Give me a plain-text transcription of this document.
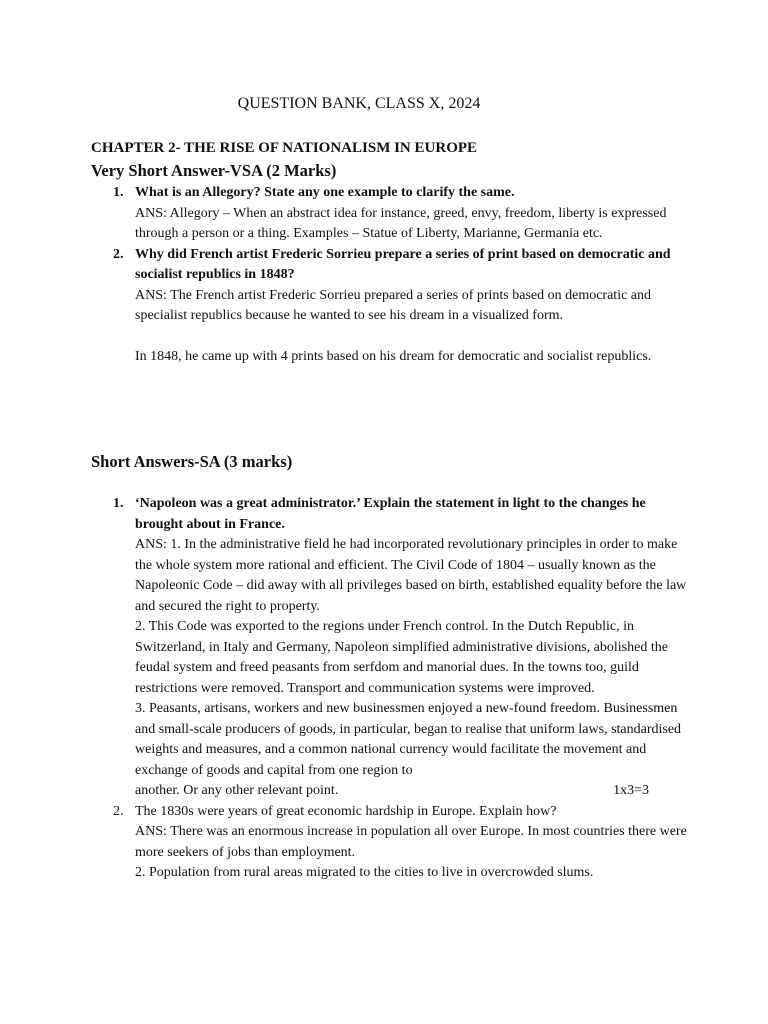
QUESTION BANK, CLASS X, 2024
CHAPTER 2- THE RISE OF NATIONALISM IN EUROPE
Very Short Answer-VSA (2 Marks)
1. What is an Allegory? State any one example to clarify the same.
ANS: Allegory – When an abstract idea for instance, greed, envy, freedom, liberty is expressed through a person or a thing. Examples – Statue of Liberty, Marianne, Germania etc.
2. Why did French artist Frederic Sorrieu prepare a series of print based on democratic and socialist republics in 1848?
ANS: The French artist Frederic Sorrieu prepared a series of prints based on democratic and specialist republics because he wanted to see his dream in a visualized form.
In 1848, he came up with 4 prints based on his dream for democratic and socialist republics.
Short Answers-SA (3 marks)
1. ‘Napoleon was a great administrator.’ Explain the statement in light to the changes he brought about in France.
ANS: 1. In the administrative field he had incorporated revolutionary principles in order to make the whole system more rational and efficient. The Civil Code of 1804 – usually known as the Napoleonic Code – did away with all privileges based on birth, established equality before the law and secured the right to property.
2. This Code was exported to the regions under French control. In the Dutch Republic, in Switzerland, in Italy and Germany, Napoleon simplified administrative divisions, abolished the feudal system and freed peasants from serfdom and manorial dues. In the towns too, guild restrictions were removed. Transport and communication systems were improved.
3. Peasants, artisans, workers and new businessmen enjoyed a new-found freedom. Businessmen and small-scale producers of goods, in particular, began to realise that uniform laws, standardised weights and measures, and a common national currency would facilitate the movement and exchange of goods and capital from one region to
another. Or any other relevant point.	1x3=3
2. The 1830s were years of great economic hardship in Europe. Explain how?
ANS: There was an enormous increase in population all over Europe. In most countries there were more seekers of jobs than employment.
2. Population from rural areas migrated to the cities to live in overcrowded slums.
